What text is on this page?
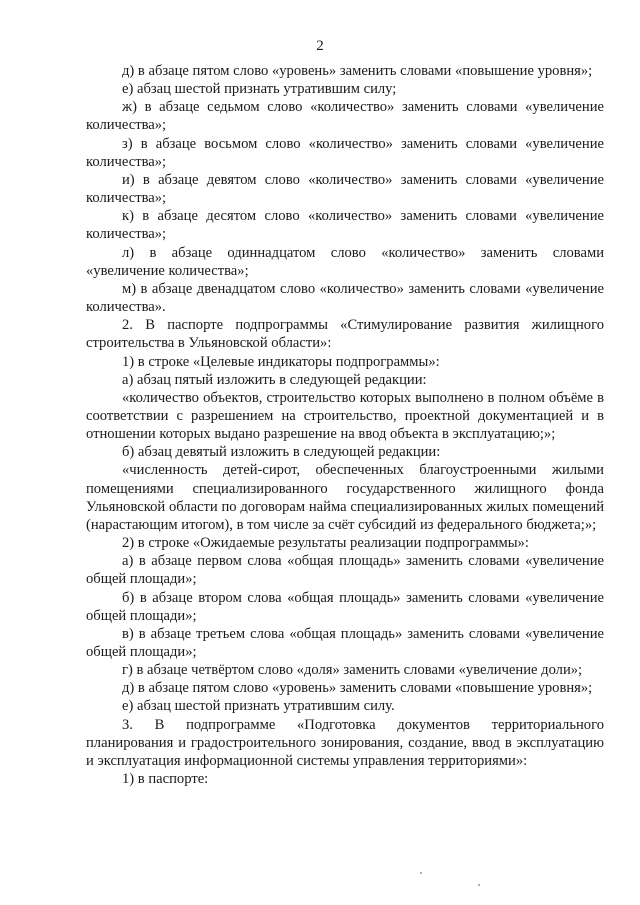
2

д) в абзаце пятом слово «уровень» заменить словами «повышение уровня»;

е) абзац шестой признать утратившим силу;

ж) в абзаце седьмом слово «количество» заменить словами «увеличение количества»;

з) в абзаце восьмом слово «количество» заменить словами «увеличение количества»;

и) в абзаце девятом слово «количество» заменить словами «увеличение количества»;

к) в абзаце десятом слово «количество» заменить словами «увеличение количества»;

л) в абзаце одиннадцатом слово «количество» заменить словами «увеличение количества»;

м) в абзаце двенадцатом слово «количество» заменить словами «увеличение количества».

2. В паспорте подпрограммы «Стимулирование развития жилищного строительства в Ульяновской области»:

1) в строке «Целевые индикаторы подпрограммы»:

а) абзац пятый изложить в следующей редакции:

«количество объектов, строительство которых выполнено в полном объёме в соответствии с разрешением на строительство, проектной документацией и в отношении которых выдано разрешение на ввод объекта в эксплуатацию;»;

б) абзац девятый изложить в следующей редакции:

«численность детей-сирот, обеспеченных благоустроенными жилыми помещениями специализированного государственного жилищного фонда Ульяновской области по договорам найма специализированных жилых помещений (нарастающим итогом), в том числе за счёт субсидий из федерального бюджета;»;

2) в строке «Ожидаемые результаты реализации подпрограммы»:

а) в абзаце первом слова «общая площадь» заменить словами «увеличение общей площади»;

б) в абзаце втором слова «общая площадь» заменить словами «увеличение общей площади»;

в) в абзаце третьем слова «общая площадь» заменить словами «увеличение общей площади»;

г) в абзаце четвёртом слово «доля» заменить словами «увеличение доли»;

д) в абзаце пятом слово «уровень» заменить словами «повышение уровня»;

е) абзац шестой признать утратившим силу.

3. В подпрограмме «Подготовка документов территориального планирования и градостроительного зонирования, создание, ввод в эксплуатацию и эксплуатация информационной системы управления территориями»:

1) в паспорте:
